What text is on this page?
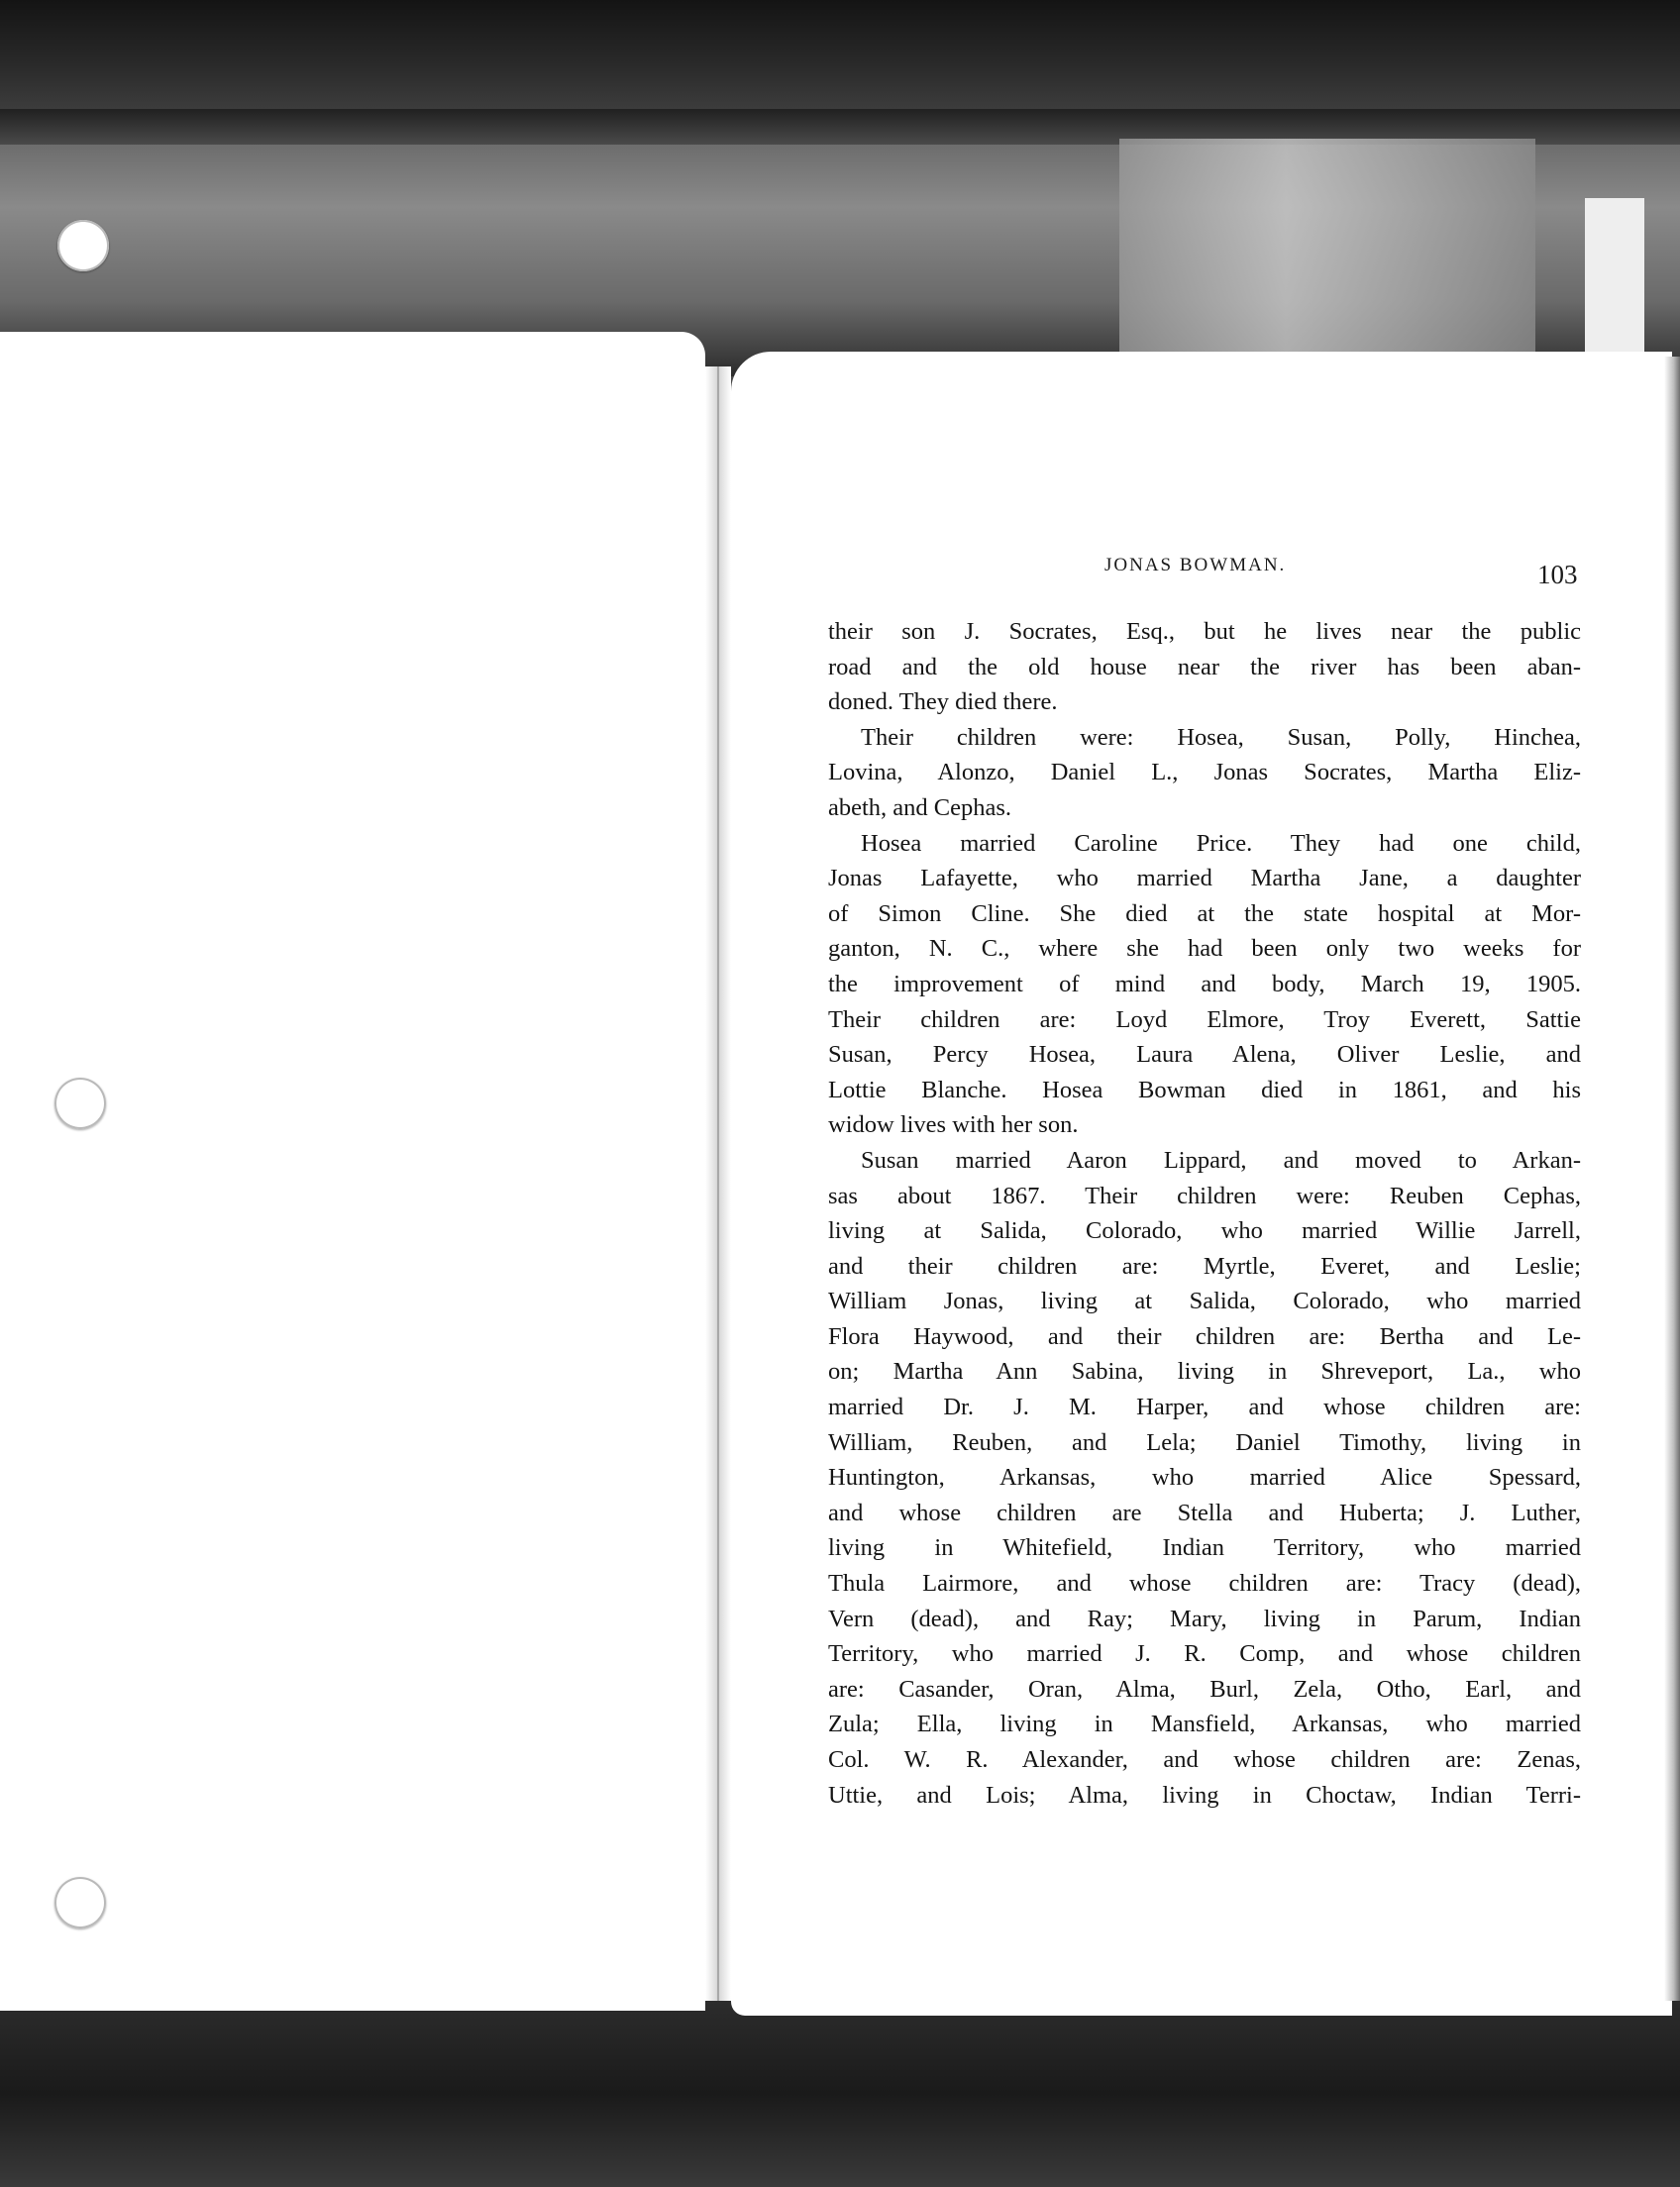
JONAS BOWMAN.	103
their son J. Socrates, Esq., but he lives near the public
road and the old house near the river has been aban-
doned. They died there.
Their children were: Hosea, Susan, Polly, Hinchea,
Lovina, Alonzo, Daniel L., Jonas Socrates, Martha Eliz-
abeth, and Cephas.
Hosea married Caroline Price. They had one child,
Jonas Lafayette, who married Martha Jane, a daughter
of Simon Cline. She died at the state hospital at Mor-
ganton, N. C., where she had been only two weeks for
the improvement of mind and body, March 19, 1905.
Their children are: Loyd Elmore, Troy Everett, Sattie
Susan, Percy Hosea, Laura Alena, Oliver Leslie, and
Lottie Blanche. Hosea Bowman died in 1861, and his
widow lives with her son.
Susan married Aaron Lippard, and moved to Arkan-
sas about 1867. Their children were: Reuben Cephas,
living at Salida, Colorado, who married Willie Jarrell,
and their children are: Myrtle, Everet, and Leslie;
William Jonas, living at Salida, Colorado, who married
Flora Haywood, and their children are: Bertha and Le-
on; Martha Ann Sabina, living in Shreveport, La., who
married Dr. J. M. Harper, and whose children are:
William, Reuben, and Lela; Daniel Timothy, living in
Huntington, Arkansas, who married Alice Spessard,
and whose children are Stella and Huberta; J. Luther,
living in Whitefield, Indian Territory, who married
Thula Lairmore, and whose children are: Tracy (dead),
Vern (dead), and Ray; Mary, living in Parum, Indian
Territory, who married J. R. Comp, and whose children
are: Casander, Oran, Alma, Burl, Zela, Otho, Earl, and
Zula; Ella, living in Mansfield, Arkansas, who married
Col. W. R. Alexander, and whose children are: Zenas,
Uttie, and Lois; Alma, living in Choctaw, Indian Terri-
